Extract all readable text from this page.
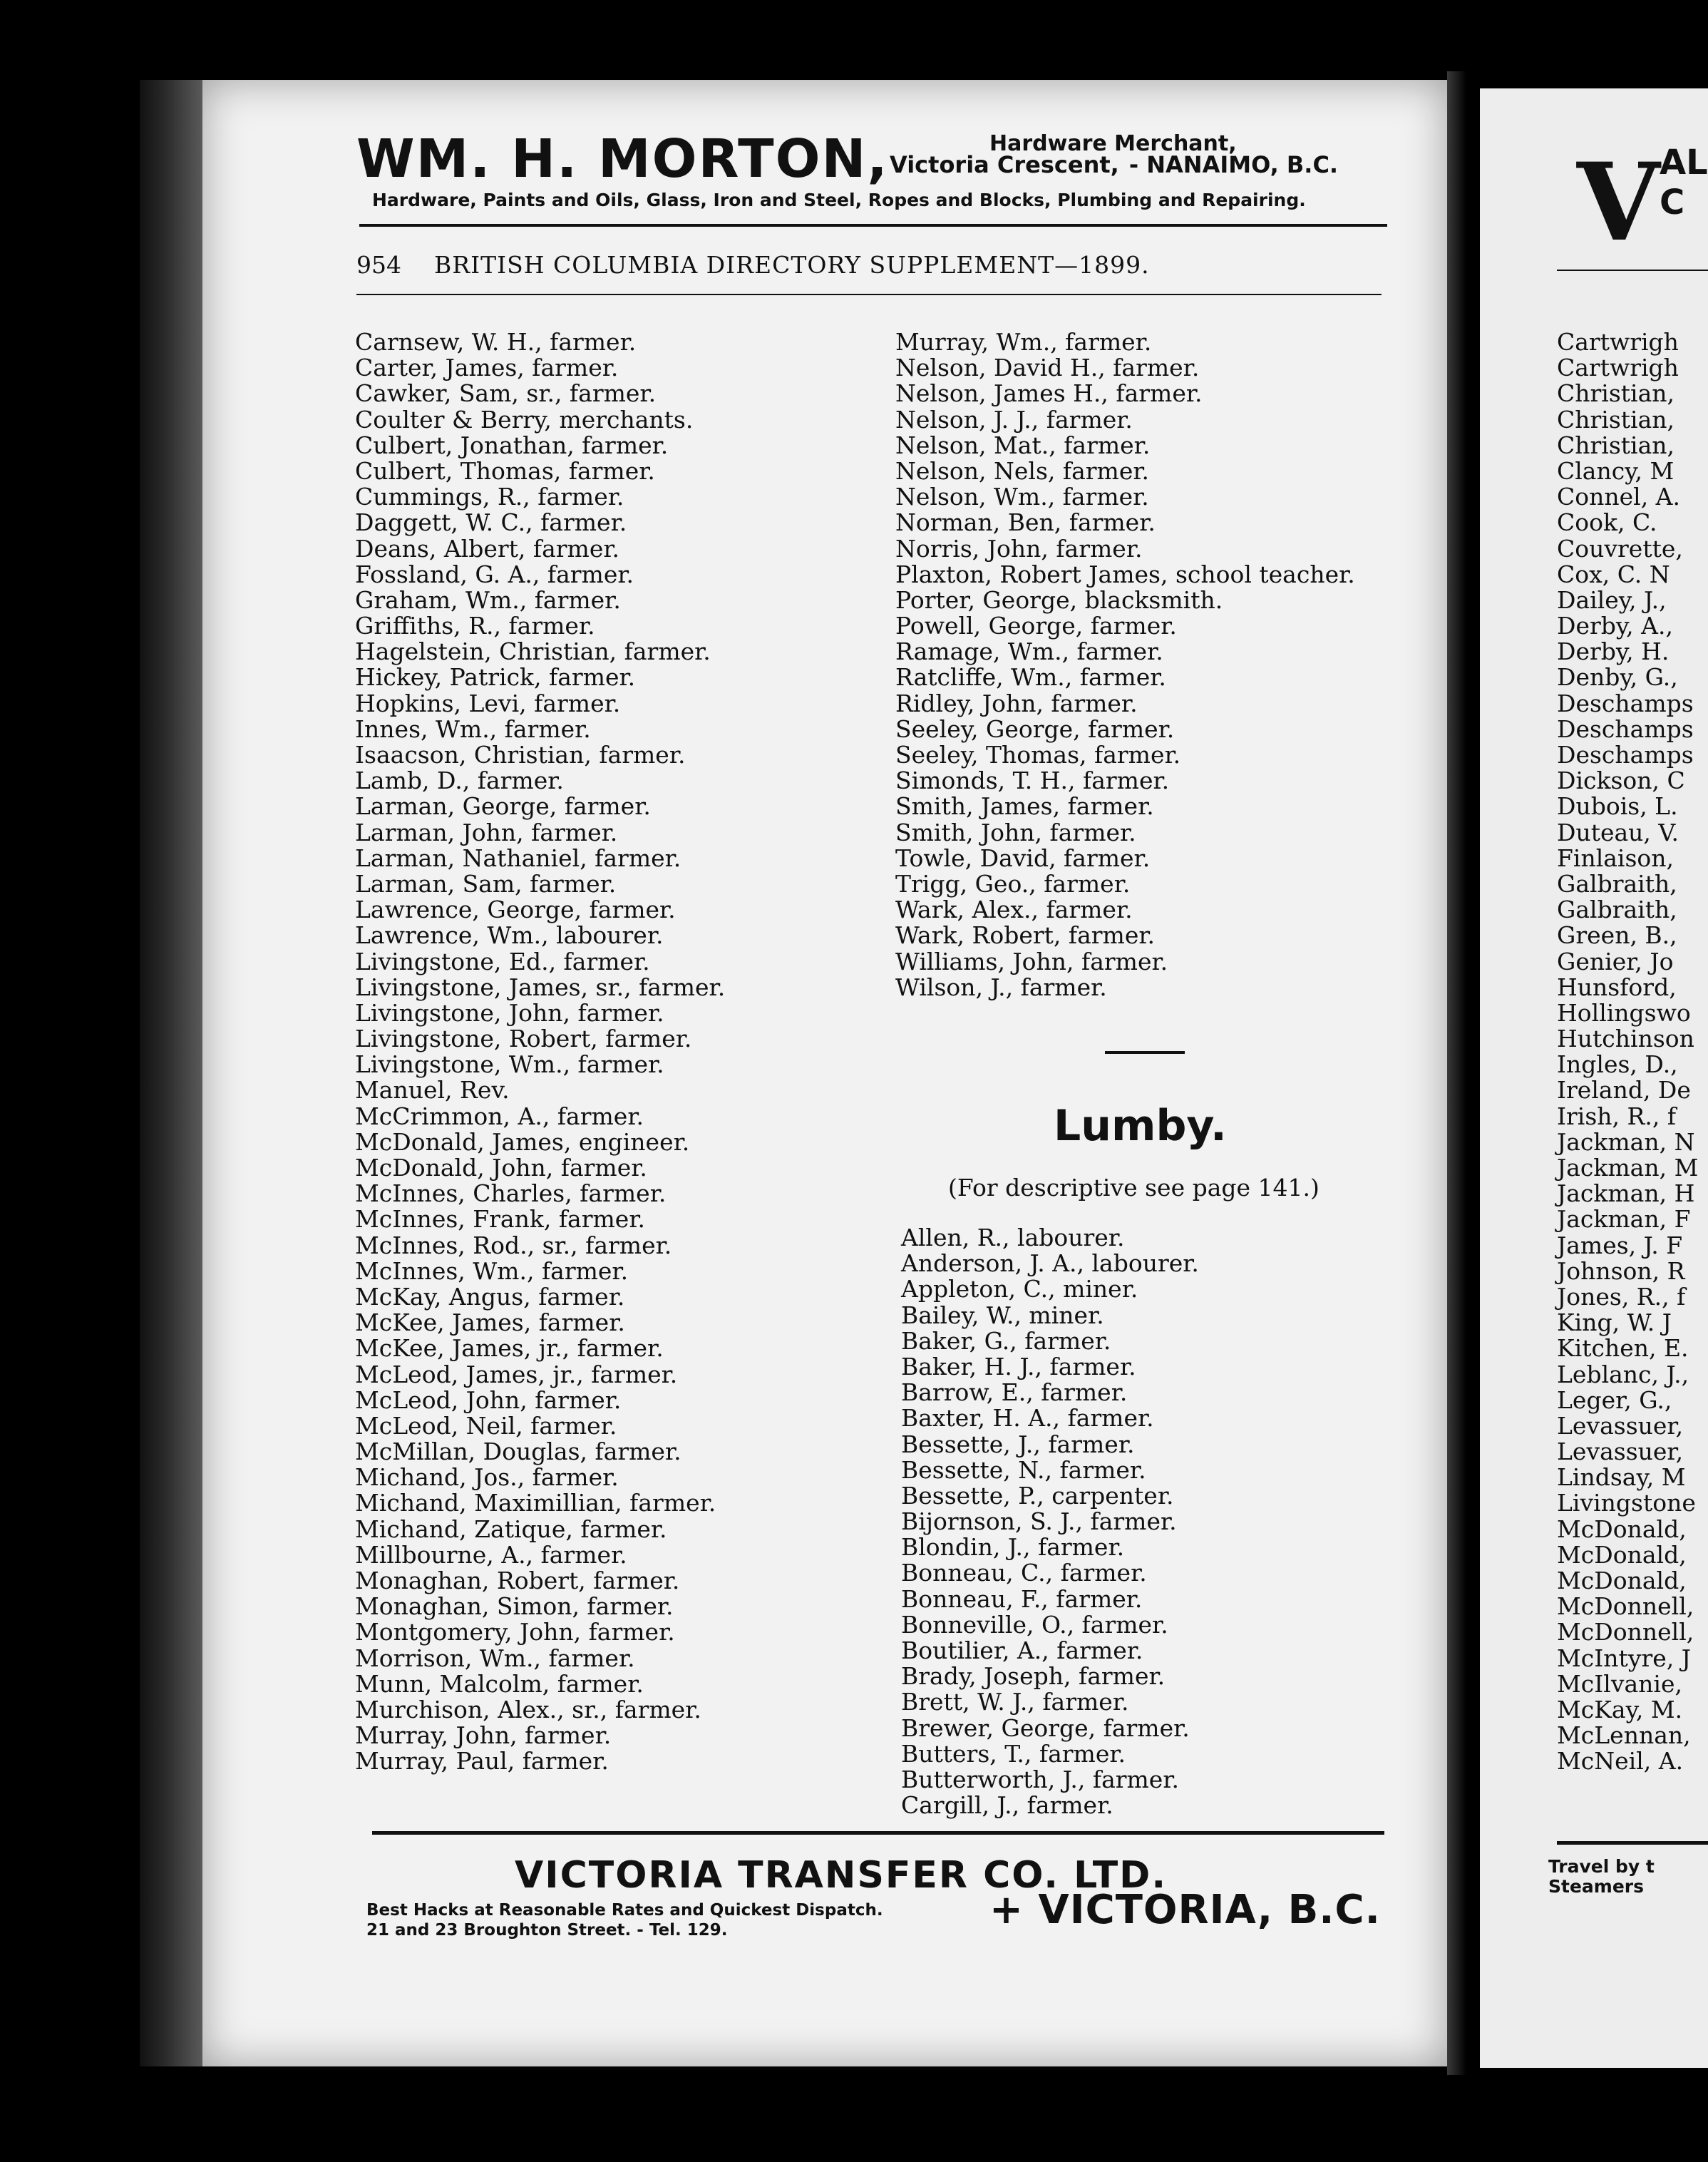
WM. H. MORTON,	Hardware Merchant,
Victoria Crescent, - NANAIMO, B.C.
Hardware, Paints and Oils, Glass, Iron and Steel, Ropes and Blocks, Plumbing and Repairing.
954 BRITISH COLUMBIA DIRECTORY SUPPLEMENT—1899.
Carnsew, W. H., farmer.
Carter, James, farmer.
Cawker, Sam, sr., farmer.
Coulter & Berry, merchants.
Culbert, Jonathan, farmer.
Culbert, Thomas, farmer.
Cummings, R., farmer.
Daggett, W. C., farmer.
Deans, Albert, farmer.
Fossland, G. A., farmer.
Graham, Wm., farmer.
Griffiths, R., farmer.
Hagelstein, Christian, farmer.
Hickey, Patrick, farmer.
Hopkins, Levi, farmer.
Innes, Wm., farmer.
Isaacson, Christian, farmer.
Lamb, D., farmer.
Larman, George, farmer.
Larman, John, farmer.
Larman, Nathaniel, farmer.
Larman, Sam, farmer.
Lawrence, George, farmer.
Lawrence, Wm., labourer.
Livingstone, Ed., farmer.
Livingstone, James, sr., farmer.
Livingstone, John, farmer.
Livingstone, Robert, farmer.
Livingstone, Wm., farmer.
Manuel, Rev.
McCrimmon, A., farmer.
McDonald, James, engineer.
McDonald, John, farmer.
McInnes, Charles, farmer.
McInnes, Frank, farmer.
McInnes, Rod., sr., farmer.
McInnes, Wm., farmer.
McKay, Angus, farmer.
McKee, James, farmer.
McKee, James, jr., farmer.
McLeod, James, jr., farmer.
McLeod, John, farmer.
McLeod, Neil, farmer.
McMillan, Douglas, farmer.
Michand, Jos., farmer.
Michand, Maximillian, farmer.
Michand, Zatique, farmer.
Millbourne, A., farmer.
Monaghan, Robert, farmer.
Monaghan, Simon, farmer.
Montgomery, John, farmer.
Morrison, Wm., farmer.
Munn, Malcolm, farmer.
Murchison, Alex., sr., farmer.
Murray, John, farmer.
Murray, Paul, farmer.
Murray, Wm., farmer.
Nelson, David H., farmer.
Nelson, James H., farmer.
Nelson, J. J., farmer.
Nelson, Mat., farmer.
Nelson, Nels, farmer.
Nelson, Wm., farmer.
Norman, Ben, farmer.
Norris, John, farmer.
Plaxton, Robert James, school teacher.
Porter, George, blacksmith.
Powell, George, farmer.
Ramage, Wm., farmer.
Ratcliffe, Wm., farmer.
Ridley, John, farmer.
Seeley, George, farmer.
Seeley, Thomas, farmer.
Simonds, T. H., farmer.
Smith, James, farmer.
Smith, John, farmer.
Towle, David, farmer.
Trigg, Geo., farmer.
Wark, Alex., farmer.
Wark, Robert, farmer.
Williams, John, farmer.
Wilson, J., farmer.
Lumby.
(For descriptive see page 141.)
Allen, R., labourer.
Anderson, J. A., labourer.
Appleton, C., miner.
Bailey, W., miner.
Baker, G., farmer.
Baker, H. J., farmer.
Barrow, E., farmer.
Baxter, H. A., farmer.
Bessette, J., farmer.
Bessette, N., farmer.
Bessette, P., carpenter.
Bijornson, S. J., farmer.
Blondin, J., farmer.
Bonneau, C., farmer.
Bonneau, F., farmer.
Bonneville, O., farmer.
Boutilier, A., farmer.
Brady, Joseph, farmer.
Brett, W. J., farmer.
Brewer, George, farmer.
Butters, T., farmer.
Butterworth, J., farmer.
Cargill, J., farmer.
VICTORIA TRANSFER CO. LTD.
Best Hacks at Reasonable Rates and Quickest Dispatch.
21 and 23 Broughton Street. - Tel. 129.	+ VICTORIA, B.C.
V AL
C
Cartwrigh
Cartwrigh
Christian,
Christian,
Christian,
Clancy, M
Connel, A.
Cook, C.
Couvrette,
Cox, C. N
Dailey, J.,
Derby, A.,
Derby, H.
Denby, G.,
Deschamps
Deschamps
Deschamps
Dickson, C
Dubois, L.
Duteau, V.
Finlaison,
Galbraith,
Galbraith,
Green, B.,
Genier, Jo
Hunsford,
Hollingswo
Hutchinson
Ingles, D.,
Ireland, De
Irish, R., f
Jackman, N
Jackman, M
Jackman, H
Jackman, F
James, J. F
Johnson, R
Jones, R., f
King, W. J
Kitchen, E.
Leblanc, J.,
Leger, G.,
Levassuer,
Levassuer,
Lindsay, M
Livingstone
McDonald,
McDonald,
McDonald,
McDonnell,
McDonnell,
McIntyre, J
McIlvanie,
McKay, M.
McLennan,
McNeil, A.
Travel by t
Steamers
